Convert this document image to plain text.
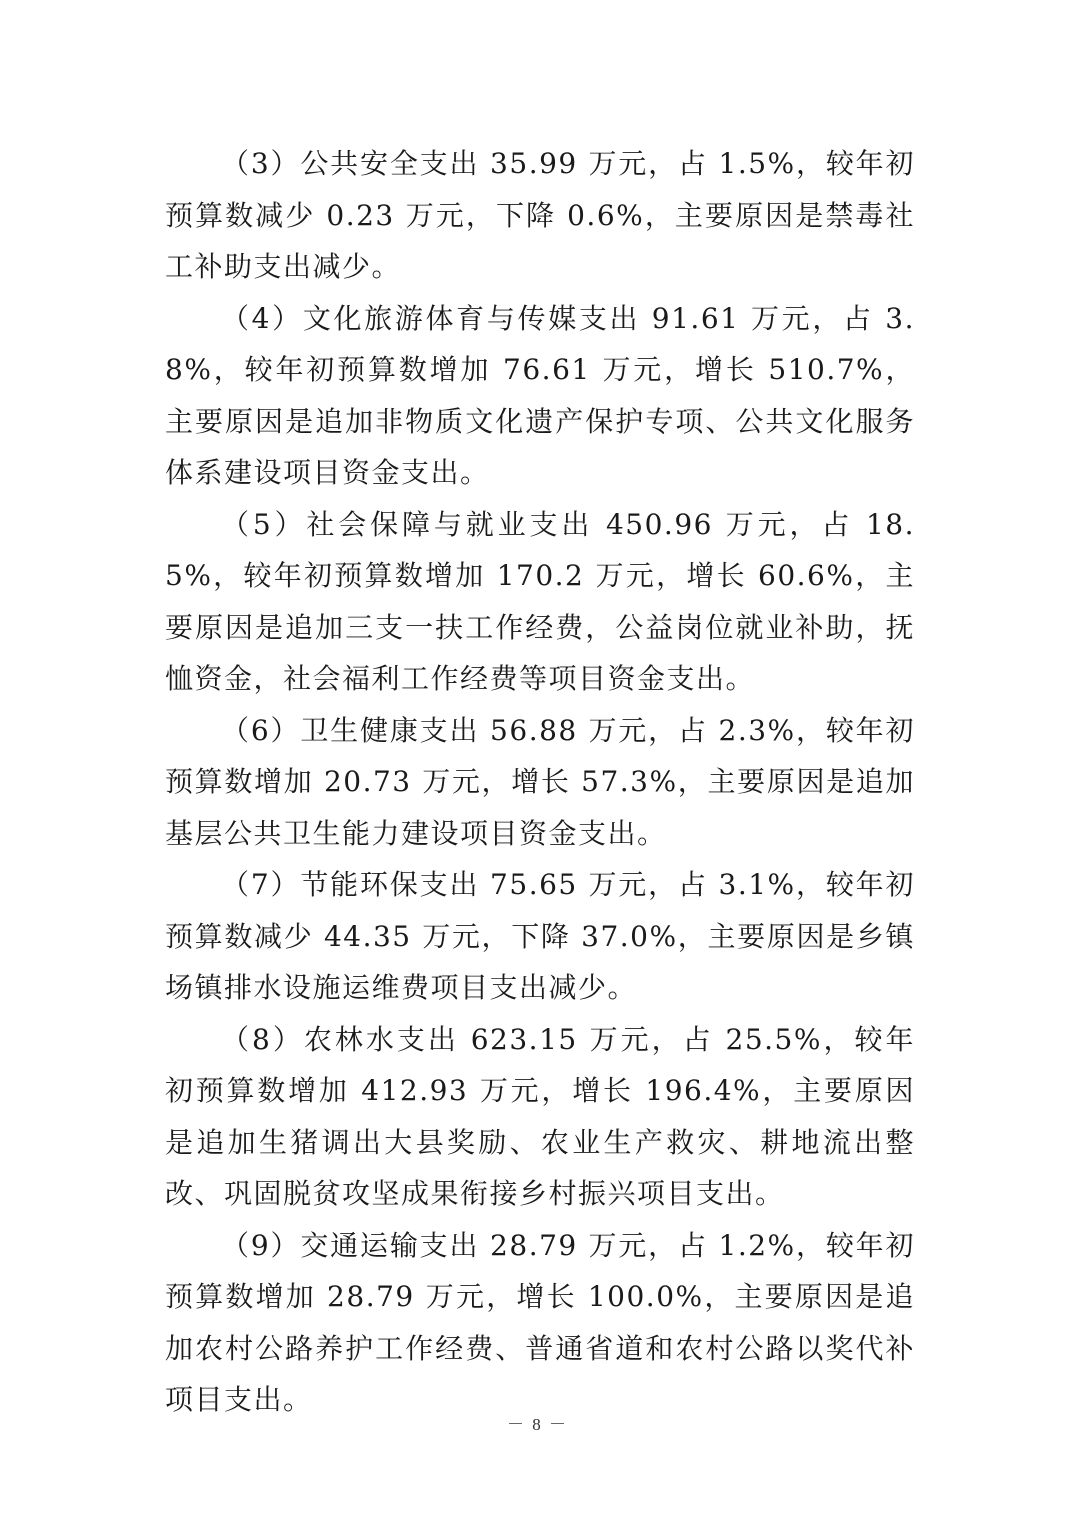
（3）公共安全支出 35.99 万元，占 1.5%，较年初预算数减少 0.23 万元，下降 0.6%，主要原因是禁毒社工补助支出减少。

（4）文化旅游体育与传媒支出 91.61 万元，占 3.8%，较年初预算数增加 76.61 万元，增长 510.7%，主要原因是追加非物质文化遗产保护专项、公共文化服务体系建设项目资金支出。

（5）社会保障与就业支出 450.96 万元，占 18.5%，较年初预算数增加 170.2 万元，增长 60.6%，主要原因是追加三支一扶工作经费，公益岗位就业补助，抚恤资金，社会福利工作经费等项目资金支出。

（6）卫生健康支出 56.88 万元，占 2.3%，较年初预算数增加 20.73 万元，增长 57.3%，主要原因是追加基层公共卫生能力建设项目资金支出。

（7）节能环保支出 75.65 万元，占 3.1%，较年初预算数减少 44.35 万元，下降 37.0%，主要原因是乡镇场镇排水设施运维费项目支出减少。

（8）农林水支出 623.15 万元，占 25.5%，较年初预算数增加 412.93 万元，增长 196.4%，主要原因是追加生猪调出大县奖励、农业生产救灾、耕地流出整改、巩固脱贫攻坚成果衔接乡村振兴项目支出。

（9）交通运输支出 28.79 万元，占 1.2%，较年初预算数增加 28.79 万元，增长 100.0%，主要原因是追加农村公路养护工作经费、普通省道和农村公路以奖代补项目支出。

－ 8 －
